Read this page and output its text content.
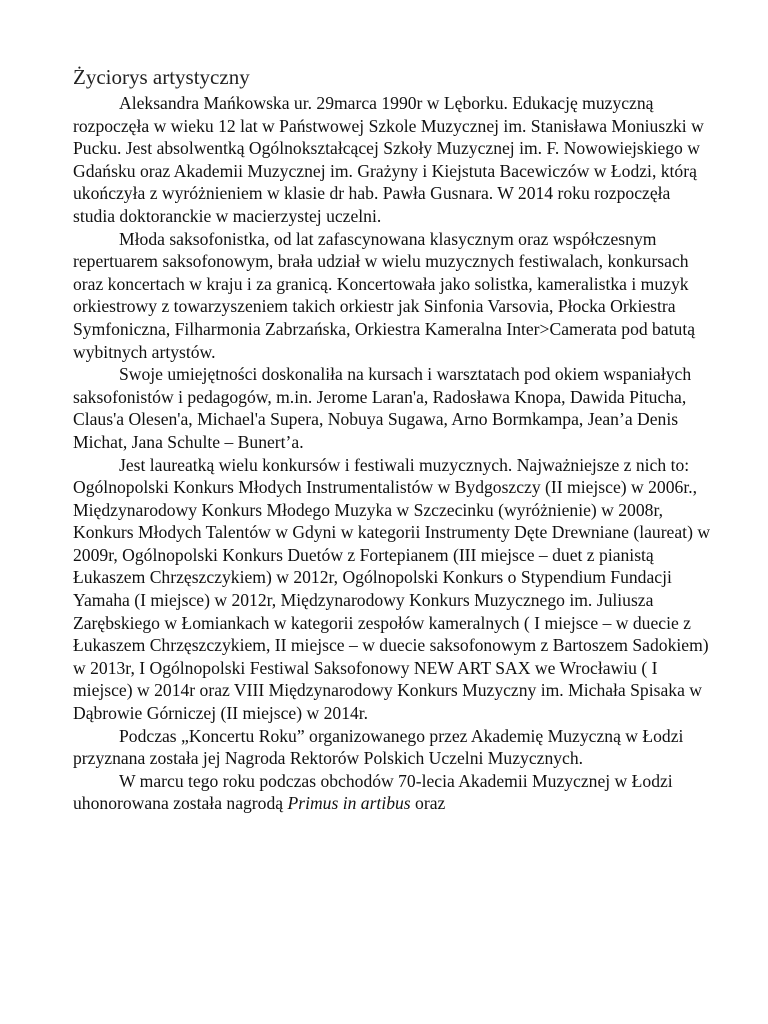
Życiorys artystyczny

Aleksandra Mańkowska ur. 29marca 1990r w Lęborku. Edukację muzyczną rozpoczęła w wieku 12 lat w Państwowej Szkole Muzycznej im. Stanisława Moniuszki w Pucku. Jest absolwentką Ogólnokształcącej Szkoły Muzycznej im. F. Nowowiejskiego w Gdańsku oraz Akademii Muzycznej im. Grażyny i Kiejstuta Bacewiczów w Łodzi, którą ukończyła z wyróżnieniem w klasie dr hab. Pawła Gusnara. W 2014 roku rozpoczęła studia doktoranckie w macierzystej uczelni.

Młoda saksofonistka, od lat zafascynowana klasycznym oraz współczesnym repertuarem saksofonowym, brała udział w wielu muzycznych festiwalach, konkursach oraz koncertach w kraju i za granicą. Koncertowała jako solistka, kameralistka i muzyk orkiestrowy z towarzyszeniem takich orkiestr jak Sinfonia Varsovia, Płocka Orkiestra Symfoniczna, Filharmonia Zabrzańska, Orkiestra Kameralna Inter>Camerata pod batutą wybitnych artystów.

Swoje umiejętności doskonaliła na kursach i warsztatach pod okiem wspaniałych saksofonistów i pedagogów, m.in. Jerome Laran'a, Radosława Knopa, Dawida Pitucha, Claus'a Olesen'a, Michael'a Supera, Nobuya Sugawa, Arno Bormkampa, Jean’a Denis Michat, Jana Schulte – Bunert’a.

Jest laureatką wielu konkursów i festiwali muzycznych. Najważniejsze z nich to: Ogólnopolski Konkurs Młodych Instrumentalistów w Bydgoszczy (II miejsce) w 2006r., Międzynarodowy Konkurs Młodego Muzyka w Szczecinku (wyróżnienie) w 2008r, Konkurs Młodych Talentów w Gdyni w kategorii Instrumenty Dęte Drewniane (laureat) w 2009r, Ogólnopolski Konkurs Duetów z Fortepianem (III miejsce – duet z pianistą Łukaszem Chrzęszczykiem) w 2012r, Ogólnopolski Konkurs o Stypendium Fundacji Yamaha (I miejsce) w 2012r, Międzynarodowy Konkurs Muzycznego im. Juliusza Zarębskiego w Łomiankach w kategorii zespołów kameralnych ( I miejsce – w duecie z Łukaszem Chrzęszczykiem, II miejsce – w duecie saksofonowym z Bartoszem Sadokiem) w 2013r, I Ogólnopolski Festiwal Saksofonowy NEW ART SAX we Wrocławiu ( I miejsce) w 2014r oraz VIII Międzynarodowy Konkurs Muzyczny im. Michała Spisaka w Dąbrowie Górniczej (II miejsce) w 2014r.

Podczas „Koncertu Roku” organizowanego przez Akademię Muzyczną w Łodzi przyznana została jej Nagroda Rektorów Polskich Uczelni Muzycznych.

W marcu tego roku podczas obchodów 70-lecia Akademii Muzycznej w Łodzi uhonorowana została nagrodą Primus in artibus oraz
